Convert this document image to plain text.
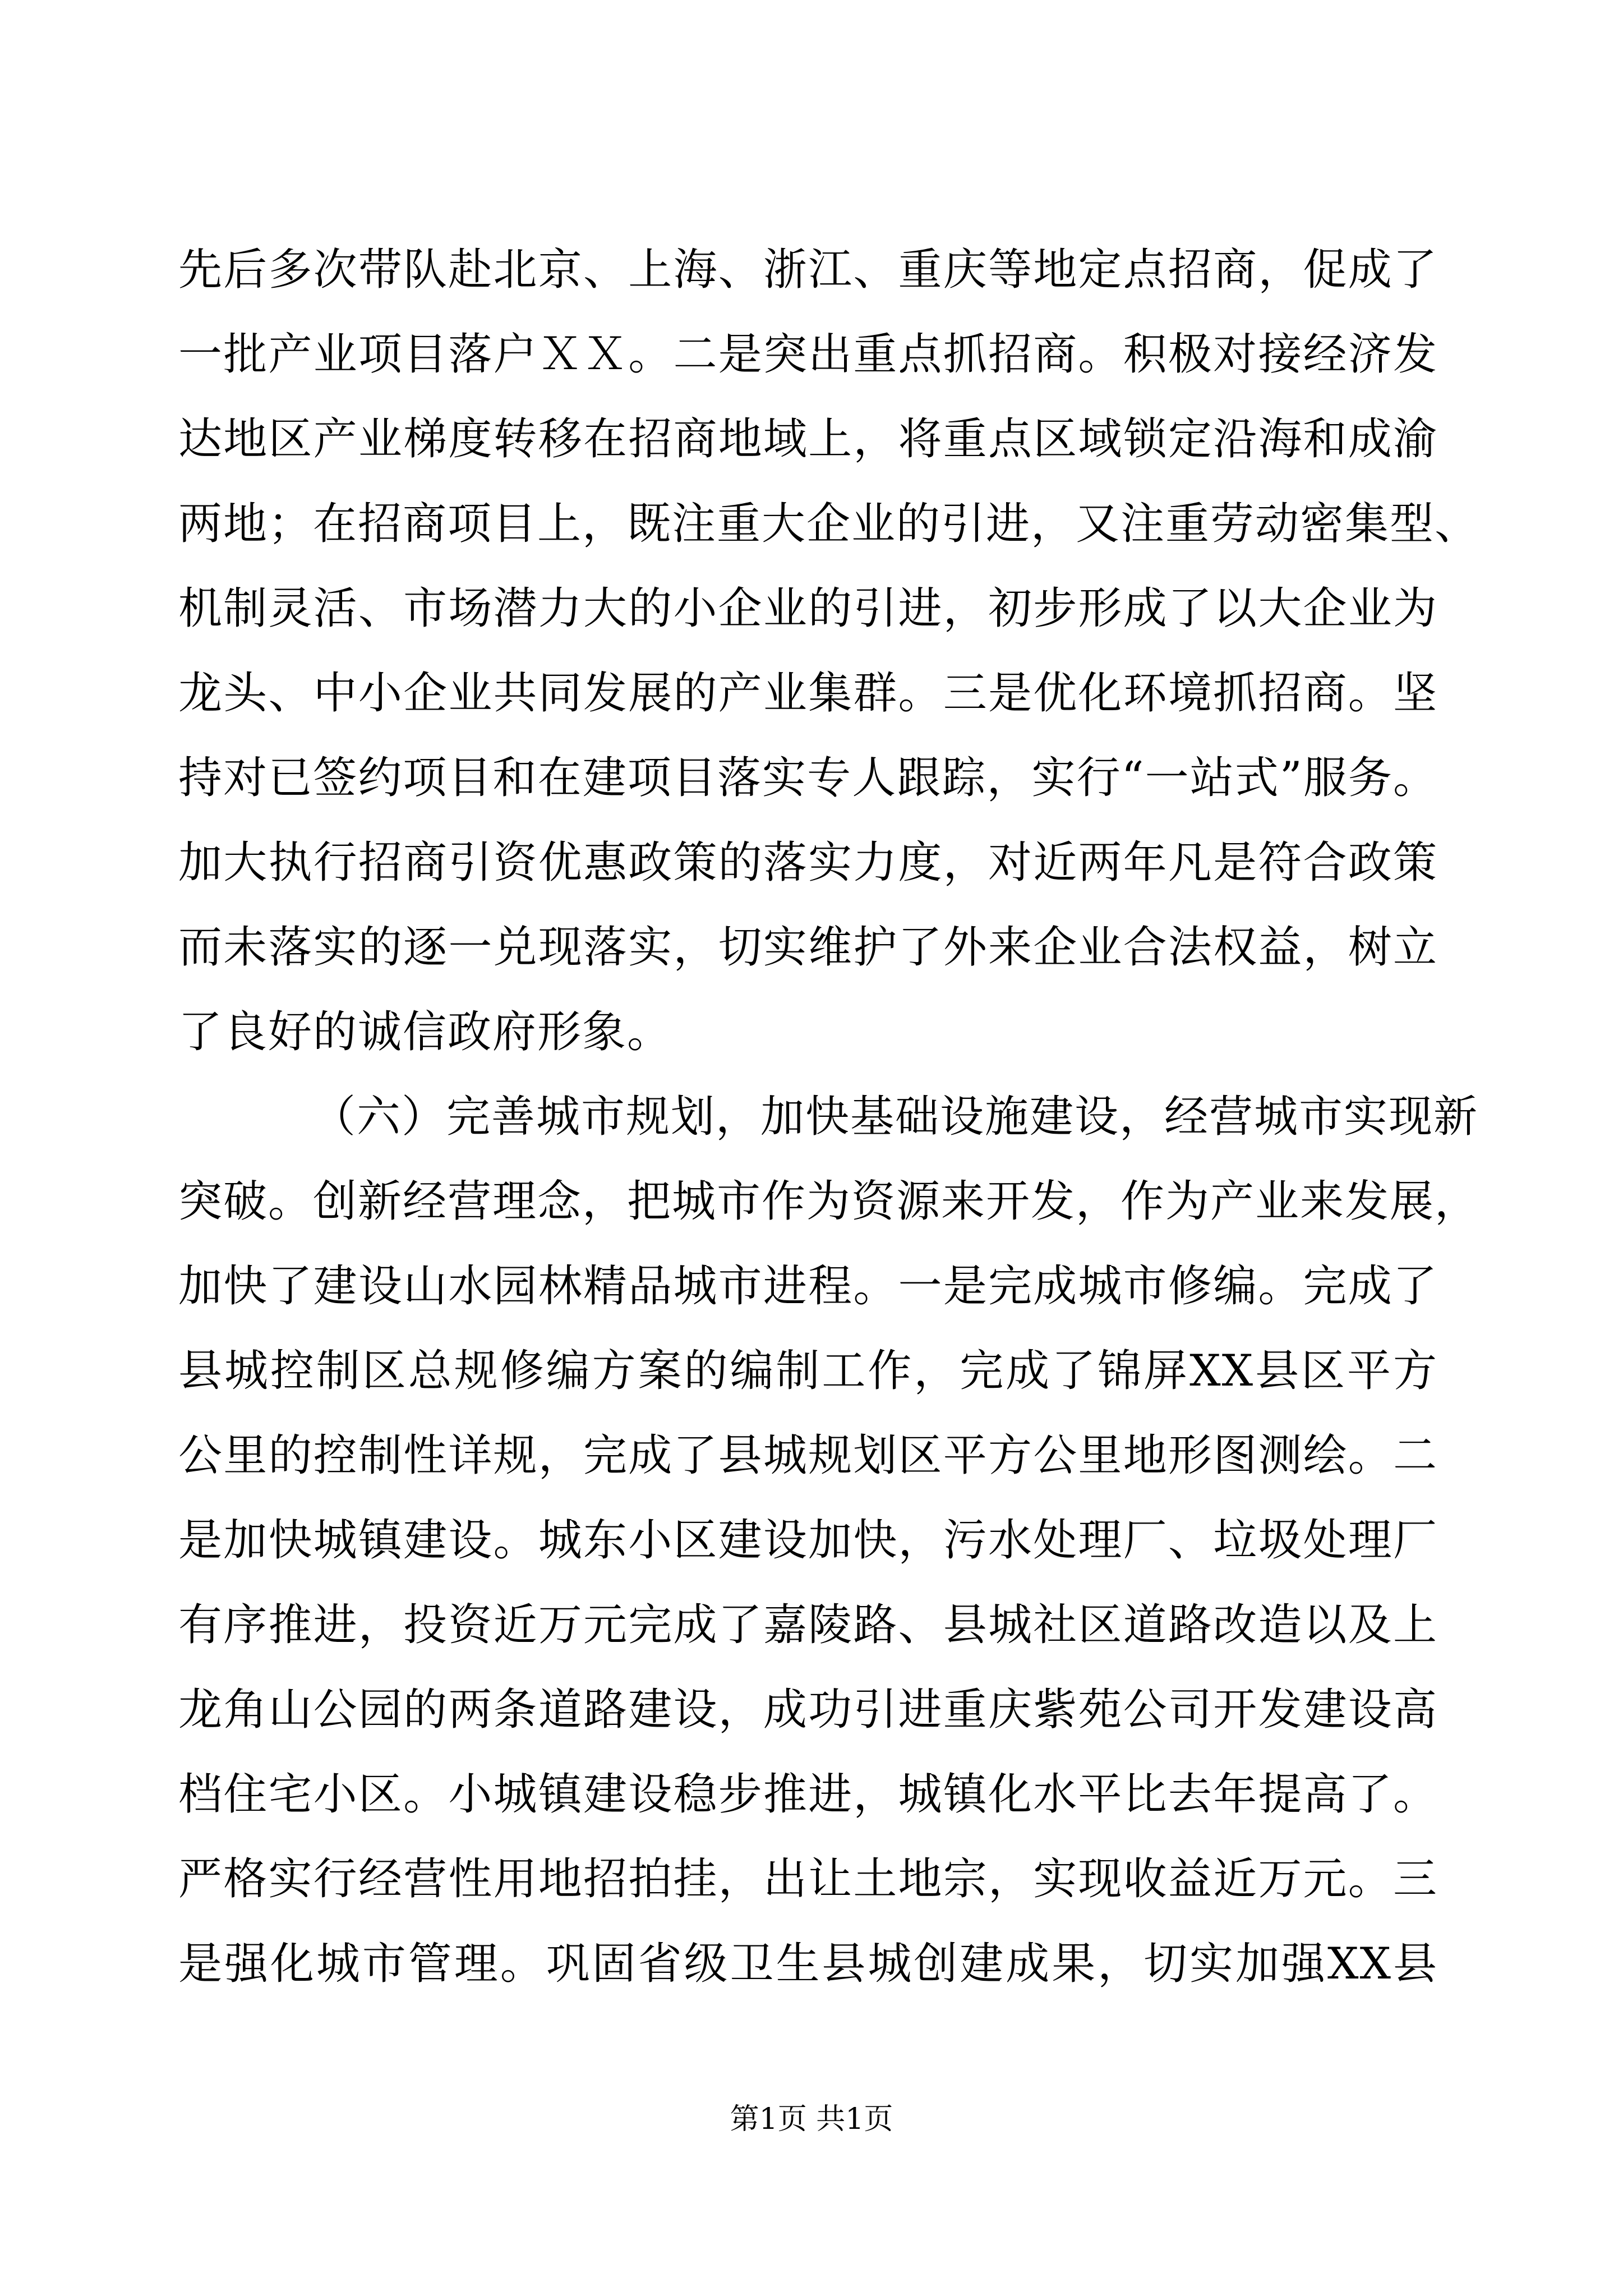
先后多次带队赴北京、上海、浙江、重庆等地定点招商，促成了
一批产业项目落户ＸＸ。二是突出重点抓招商。积极对接经济发
达地区产业梯度转移在招商地域上，将重点区域锁定沿海和成渝
两地；在招商项目上，既注重大企业的引进，又注重劳动密集型、
机制灵活、市场潜力大的小企业的引进，初步形成了以大企业为
龙头、中小企业共同发展的产业集群。三是优化环境抓招商。坚
持对已签约项目和在建项目落实专人跟踪，实行“一站式”服务。
加大执行招商引资优惠政策的落实力度，对近两年凡是符合政策
而未落实的逐一兑现落实，切实维护了外来企业合法权益，树立
了良好的诚信政府形象。
（六）完善城市规划，加快基础设施建设，经营城市实现新
突破。创新经营理念，把城市作为资源来开发，作为产业来发展，
加快了建设山水园林精品城市进程。一是完成城市修编。完成了
县城控制区总规修编方案的编制工作，完成了锦屏XX县区平方
公里的控制性详规，完成了县城规划区平方公里地形图测绘。二
是加快城镇建设。城东小区建设加快，污水处理厂、垃圾处理厂
有序推进，投资近万元完成了嘉陵路、县城社区道路改造以及上
龙角山公园的两条道路建设，成功引进重庆紫苑公司开发建设高
档住宅小区。小城镇建设稳步推进，城镇化水平比去年提高了。
严格实行经营性用地招拍挂，出让土地宗，实现收益近万元。三
是强化城市管理。巩固省级卫生县城创建成果，切实加强XX县
第1页 共1页
